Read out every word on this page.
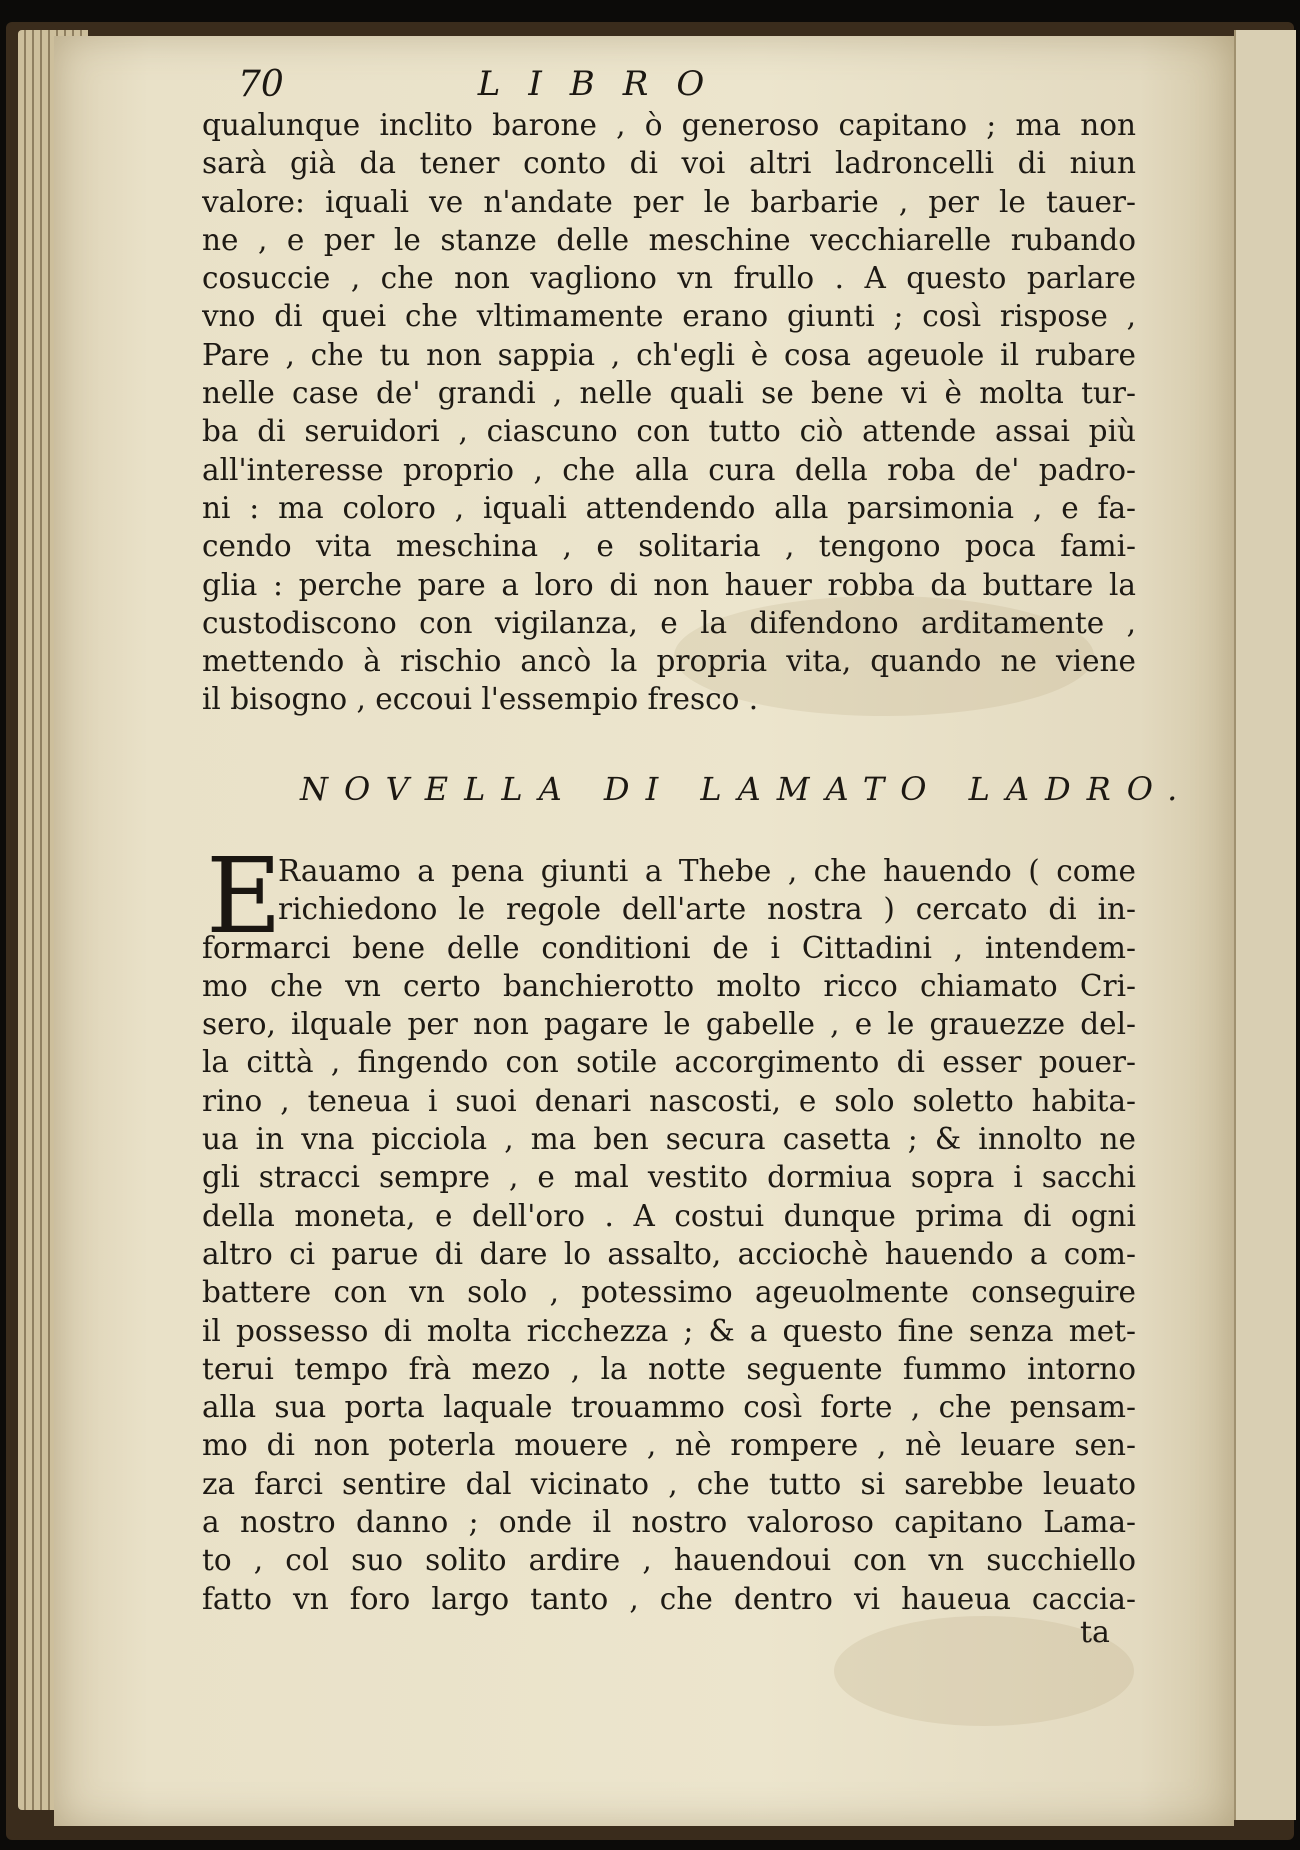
70	LIBRO
qualunque inclito barone , ò generoso capitano ; ma non
sarà già da tener conto di voi altri ladroncelli di niun
valore: iquali ve n'andate per le barbarie , per le tauer-
ne , e per le stanze delle meschine vecchiarelle rubando
cosuccie , che non vagliono vn frullo . A questo parlare
vno di quei che vltimamente erano giunti ; così rispose ,
Pare , che tu non sappia , ch'egli è cosa ageuole il rubare
nelle case de' grandi , nelle quali se bene vi è molta tur-
ba di seruidori , ciascuno con tutto ciò attende assai più
all'interesse proprio , che alla cura della roba de' padro-
ni : ma coloro , iquali attendendo alla parsimonia , e fa-
cendo vita meschina , e solitaria , tengono poca fami-
glia : perche pare a loro di non hauer robba da buttare la
custodiscono con vigilanza, e la difendono arditamente ,
mettendo à rischio ancò la propria vita, quando ne viene
il bisogno , eccoui l'essempio fresco .
NOVELLA DI LAMATO LADRO.
E
Rauamo a pena giunti a Thebe , che hauendo ( come
richiedono le regole dell'arte nostra ) cercato di in-
formarci bene delle conditioni de i Cittadini , intendem-
mo che vn certo banchierotto molto ricco chiamato Cri-
sero, ilquale per non pagare le gabelle , e le grauezze del-
la città , fingendo con sotile accorgimento di esser pouer-
rino , teneua i suoi denari nascosti, e solo soletto habita-
ua in vna picciola , ma ben secura casetta ; & innolto ne
gli stracci sempre , e mal vestito dormiua sopra i sacchi
della moneta, e dell'oro . A costui dunque prima di ogni
altro ci parue di dare lo assalto, acciochè hauendo a com-
battere con vn solo , potessimo ageuolmente conseguire
il possesso di molta ricchezza ; & a questo fine senza met-
terui tempo frà mezo , la notte seguente fummo intorno
alla sua porta laquale trouammo così forte , che pensam-
mo di non poterla mouere , nè rompere , nè leuare sen-
za farci sentire dal vicinato , che tutto si sarebbe leuato
a nostro danno ; onde il nostro valoroso capitano Lama-
to , col suo solito ardire , hauendoui con vn succhiello
fatto vn foro largo tanto , che dentro vi haueua caccia-
ta
